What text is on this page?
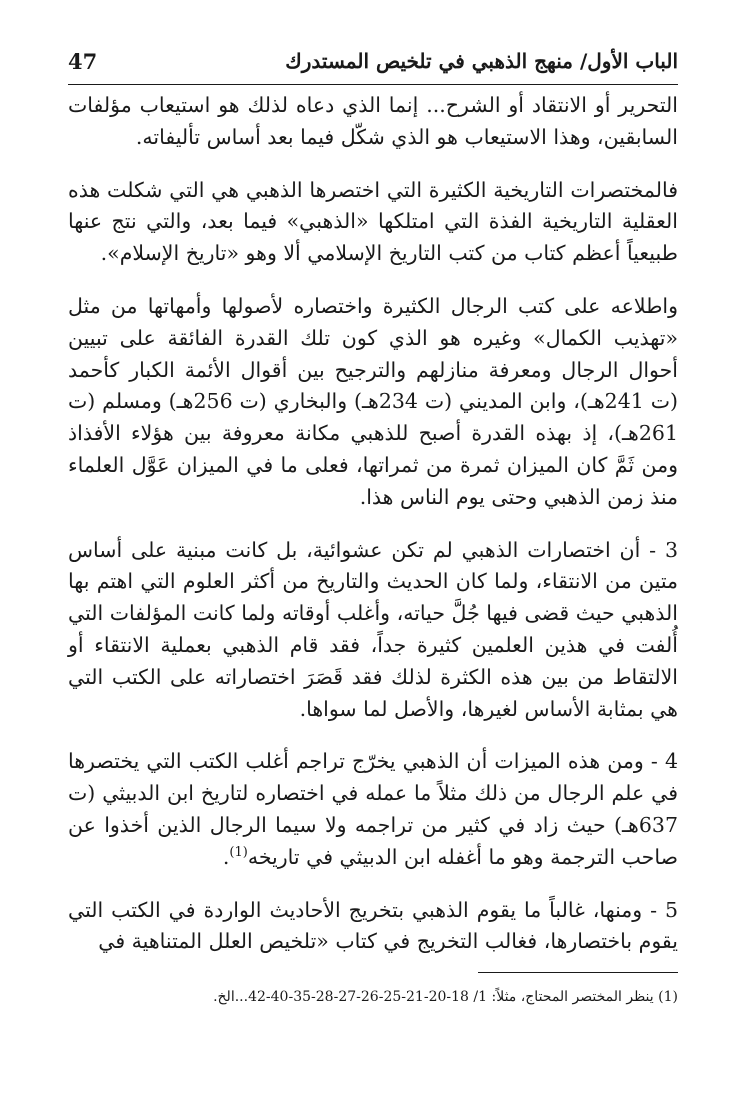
47	الباب الأول/ منهج الذهبي في تلخيص المستدرك

التحرير أو الانتقاد أو الشرح... إنما الذي دعاه لذلك هو استيعاب مؤلفات السابقين، وهذا الاستيعاب هو الذي شكّل فيما بعد أساس تأليفاته.

فالمختصرات التاريخية الكثيرة التي اختصرها الذهبي هي التي شكلت هذه العقلية التاريخية الفذة التي امتلكها «الذهبي» فيما بعد، والتي نتج عنها طبيعياً أعظم كتاب من كتب التاريخ الإسلامي ألا وهو «تاريخ الإسلام».

واطلاعه على كتب الرجال الكثيرة واختصاره لأصولها وأمهاتها من مثل «تهذيب الكمال» وغيره هو الذي كون تلك القدرة الفائقة على تبيين أحوال الرجال ومعرفة منازلهم والترجيح بين أقوال الأئمة الكبار كأحمد (ت 241هـ)، وابن المديني (ت 234هـ) والبخاري (ت 256هـ) ومسلم (ت 261هـ)، إذ بهذه القدرة أصبح للذهبي مكانة معروفة بين هؤلاء الأفذاذ ومن ثَمَّ كان الميزان ثمرة من ثمراتها، فعلى ما في الميزان عَوَّل العلماء منذ زمن الذهبي وحتى يوم الناس هذا.

3 - أن اختصارات الذهبي لم تكن عشوائية، بل كانت مبنية على أساس متين من الانتقاء، ولما كان الحديث والتاريخ من أكثر العلوم التي اهتم بها الذهبي حيث قضى فيها جُلَّ حياته، وأغلب أوقاته ولما كانت المؤلفات التي أُلفت في هذين العلمين كثيرة جداً، فقد قام الذهبي بعملية الانتقاء أو الالتقاط من بين هذه الكثرة لذلك فقد قَصَرَ اختصاراته على الكتب التي هي بمثابة الأساس لغيرها، والأصل لما سواها.

4 - ومن هذه الميزات أن الذهبي يخرّج تراجم أغلب الكتب التي يختصرها في علم الرجال من ذلك مثلاً ما عمله في اختصاره لتاريخ ابن الدبيثي (ت 637هـ) حيث زاد في كثير من تراجمه ولا سيما الرجال الذين أخذوا عن صاحب الترجمة وهو ما أغفله ابن الدبيثي في تاريخه$^{(1)}$.

5 - ومنها، غالباً ما يقوم الذهبي بتخريج الأحاديث الواردة في الكتب التي يقوم باختصارها، فغالب التخريج في كتاب «تلخيص العلل المتناهية في

(1) ينظر المختصر المحتاج، مثلاً: 1/ 18-20-21-25-26-27-28-35-40-42...الخ.
